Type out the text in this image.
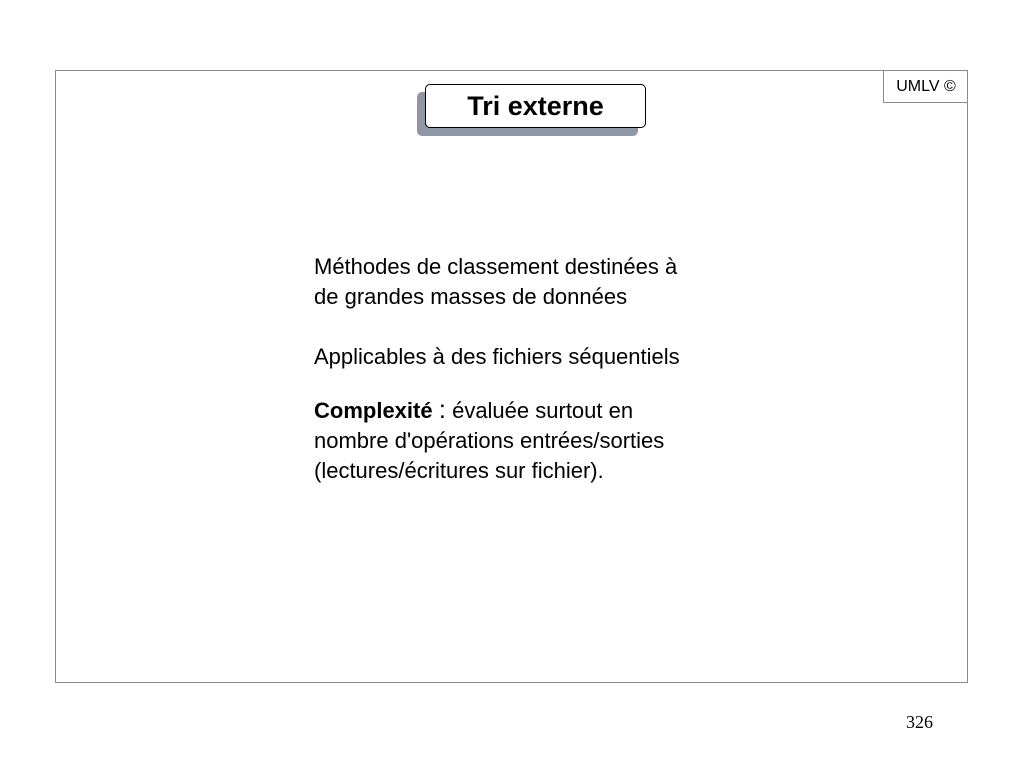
UMLV ©
Tri externe

Méthodes de classement destinées à
de grandes masses de données

Applicables à des fichiers séquentiels

Complexité : évaluée surtout en
nombre d'opérations entrées/sorties
(lectures/écritures sur fichier).

326
